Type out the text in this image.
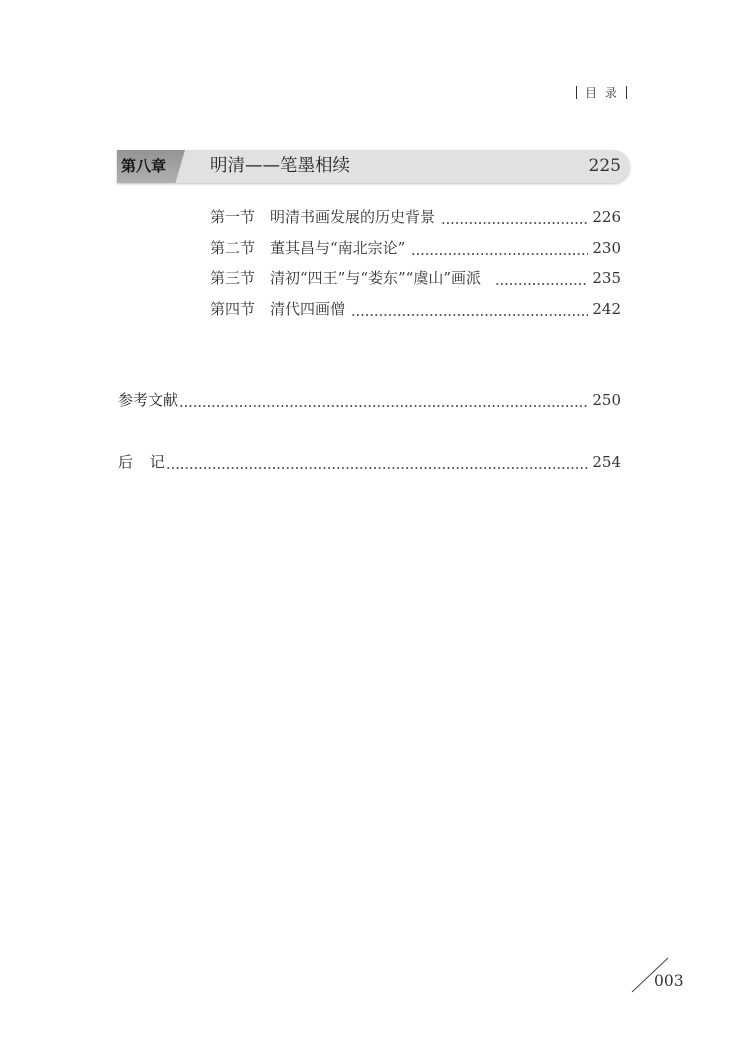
目 录
第八章	明清——笔墨相续	225
第一节 明清书画发展的历史背景	226
第二节 董其昌与“南北宗论”	230
第三节 清初“四王”与“娄东”“虞山”画派	235
第四节 清代四画僧	242
参考文献	250
后 记	254
003
